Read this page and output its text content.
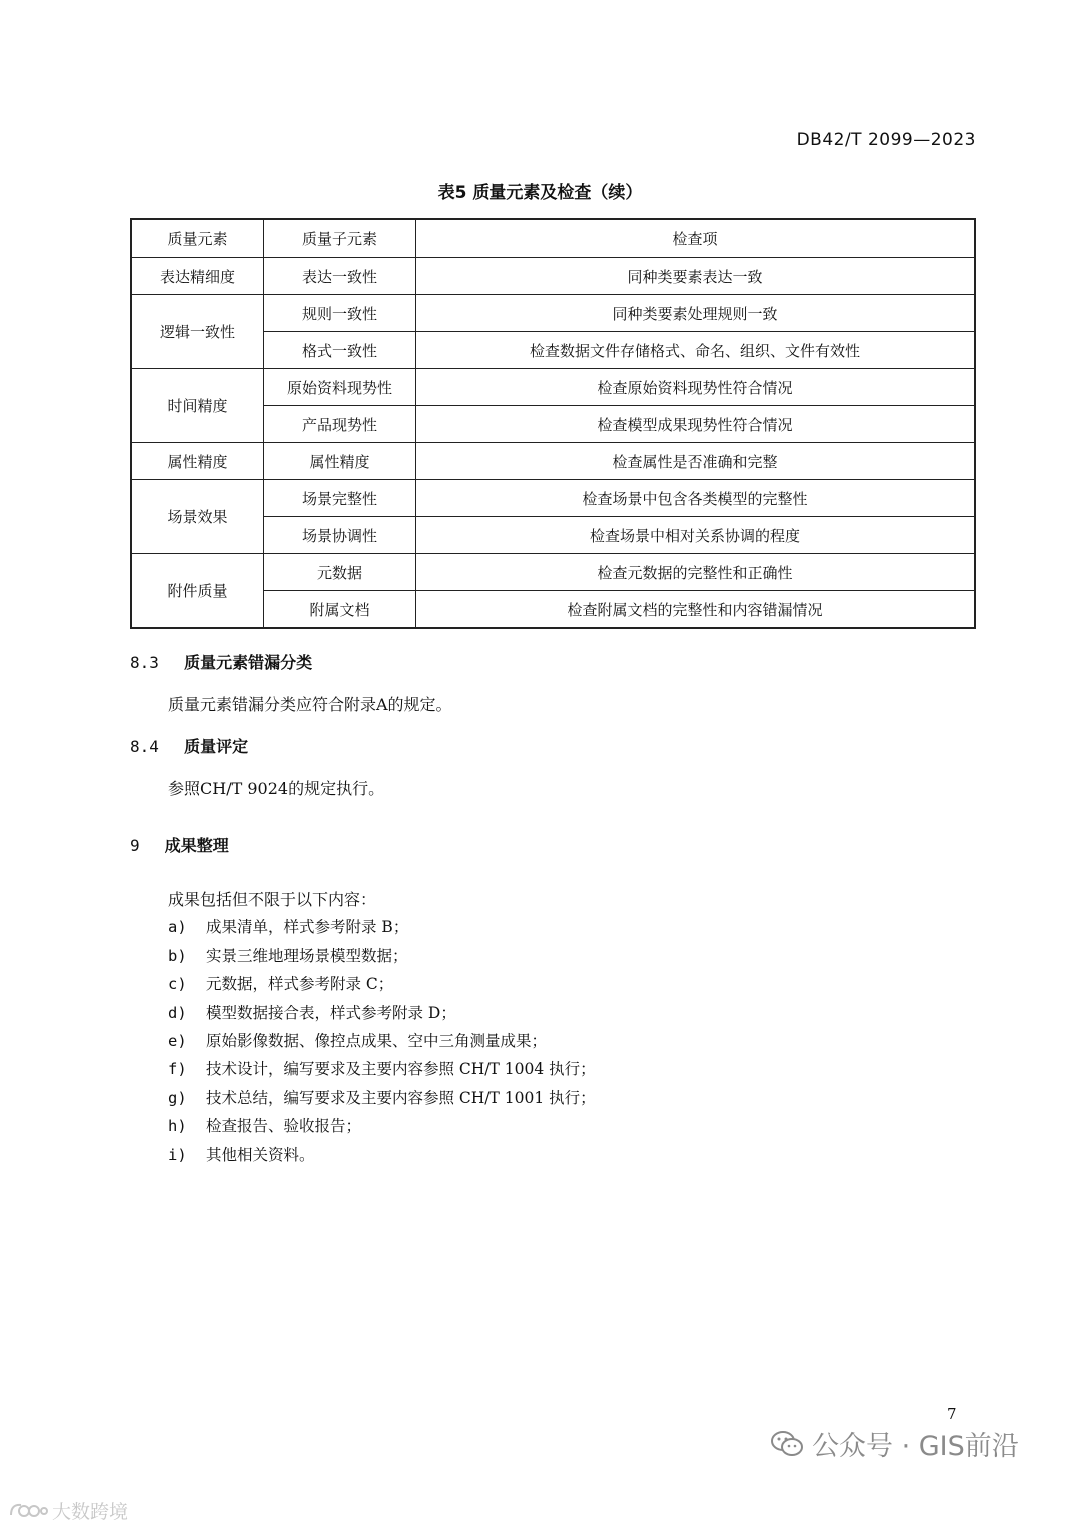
DB42/T 2099—2023
表5 质量元素及检查（续）
质量元素	质量子元素	检查项
表达精细度	表达一致性	同种类要素表达一致
逻辑一致性	规则一致性	同种类要素处理规则一致
	格式一致性	检查数据文件存储格式、命名、组织、文件有效性
时间精度	原始资料现势性	检查原始资料现势性符合情况
	产品现势性	检查模型成果现势性符合情况
属性精度	属性精度	检查属性是否准确和完整
场景效果	场景完整性	检查场景中包含各类模型的完整性
	场景协调性	检查场景中相对关系协调的程度
附件质量	元数据	检查元数据的完整性和正确性
	附属文档	检查附属文档的完整性和内容错漏情况
8.3 质量元素错漏分类
质量元素错漏分类应符合附录A的规定。
8.4 质量评定
参照CH/T 9024的规定执行。
9 成果整理
成果包括但不限于以下内容：
a) 成果清单，样式参考附录 B；
b) 实景三维地理场景模型数据；
c) 元数据，样式参考附录 C；
d) 模型数据接合表，样式参考附录 D；
e) 原始影像数据、像控点成果、空中三角测量成果；
f) 技术设计，编写要求及主要内容参照 CH/T 1004 执行；
g) 技术总结，编写要求及主要内容参照 CH/T 1001 执行；
h) 检查报告、验收报告；
i) 其他相关资料。
7
公众号 · GIS前沿
大数跨境
